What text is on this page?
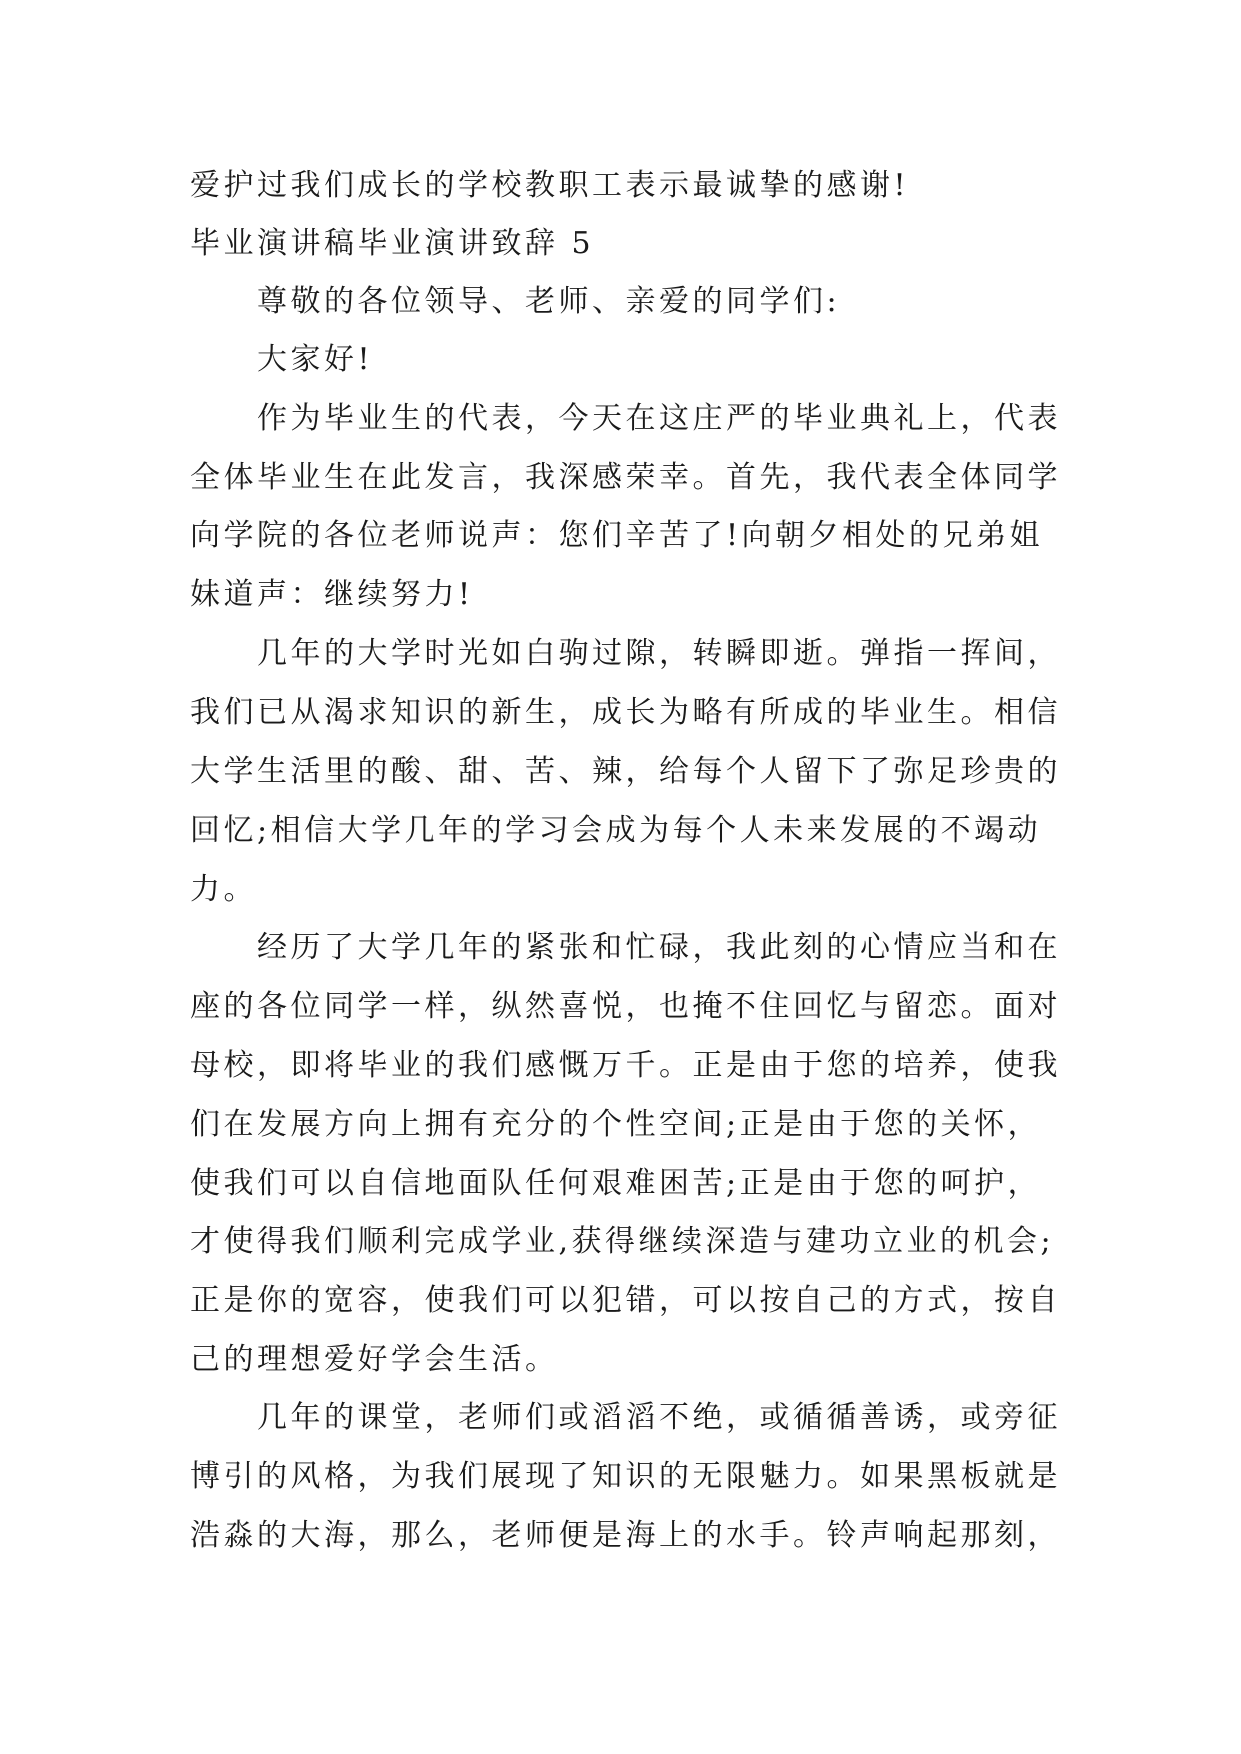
爱护过我们成长的学校教职工表示最诚挚的感谢!
毕业演讲稿毕业演讲致辞 5
尊敬的各位领导、老师、亲爱的同学们:
大家好!
作为毕业生的代表，今天在这庄严的毕业典礼上，代表
全体毕业生在此发言，我深感荣幸。首先，我代表全体同学
向学院的各位老师说声：您们辛苦了!向朝夕相处的兄弟姐
妹道声：继续努力!
几年的大学时光如白驹过隙，转瞬即逝。弹指一挥间，
我们已从渴求知识的新生，成长为略有所成的毕业生。相信
大学生活里的酸、甜、苦、辣，给每个人留下了弥足珍贵的
回忆;相信大学几年的学习会成为每个人未来发展的不竭动
力。
经历了大学几年的紧张和忙碌，我此刻的心情应当和在
座的各位同学一样，纵然喜悦，也掩不住回忆与留恋。面对
母校，即将毕业的我们感慨万千。正是由于您的培养，使我
们在发展方向上拥有充分的个性空间;正是由于您的关怀，
使我们可以自信地面队任何艰难困苦;正是由于您的呵护，
才使得我们顺利完成学业,获得继续深造与建功立业的机会;
正是你的宽容，使我们可以犯错，可以按自己的方式，按自
己的理想爱好学会生活。
几年的课堂，老师们或滔滔不绝，或循循善诱，或旁征
博引的风格，为我们展现了知识的无限魅力。如果黑板就是
浩淼的大海，那么，老师便是海上的水手。铃声响起那刻，
